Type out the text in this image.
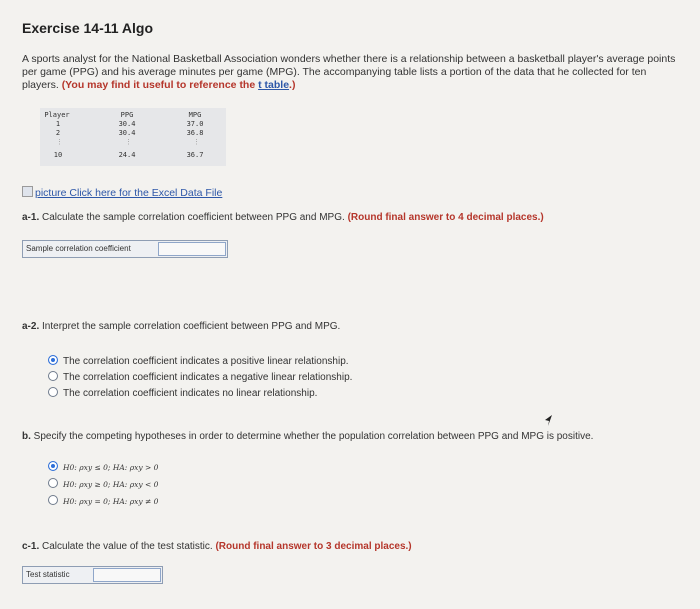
Exercise 14-11 Algo
A sports analyst for the National Basketball Association wonders whether there is a relationship between a basketball player's average points per game (PPG) and his average minutes per game (MPG). The accompanying table lists a portion of the data that he collected for ten players. (You may find it useful to reference the t table.)
Player	PPG	MPG
1	30.4	37.0
2	30.4	36.8
⋮	⋮	⋮
10	24.4	36.7
picture Click here for the Excel Data File
a-1. Calculate the sample correlation coefficient between PPG and MPG. (Round final answer to 4 decimal places.)
Sample correlation coefficient
a-2. Interpret the sample correlation coefficient between PPG and MPG.
The correlation coefficient indicates a positive linear relationship.
The correlation coefficient indicates a negative linear relationship.
The correlation coefficient indicates no linear relationship.
b. Specify the competing hypotheses in order to determine whether the population correlation between PPG and MPG is positive.
H0: ρxy ≤ 0; HA: ρxy > 0
H0: ρxy ≥ 0; HA: ρxy < 0
H0: ρxy = 0; HA: ρxy ≠ 0
c-1. Calculate the value of the test statistic. (Round final answer to 3 decimal places.)
Test statistic
